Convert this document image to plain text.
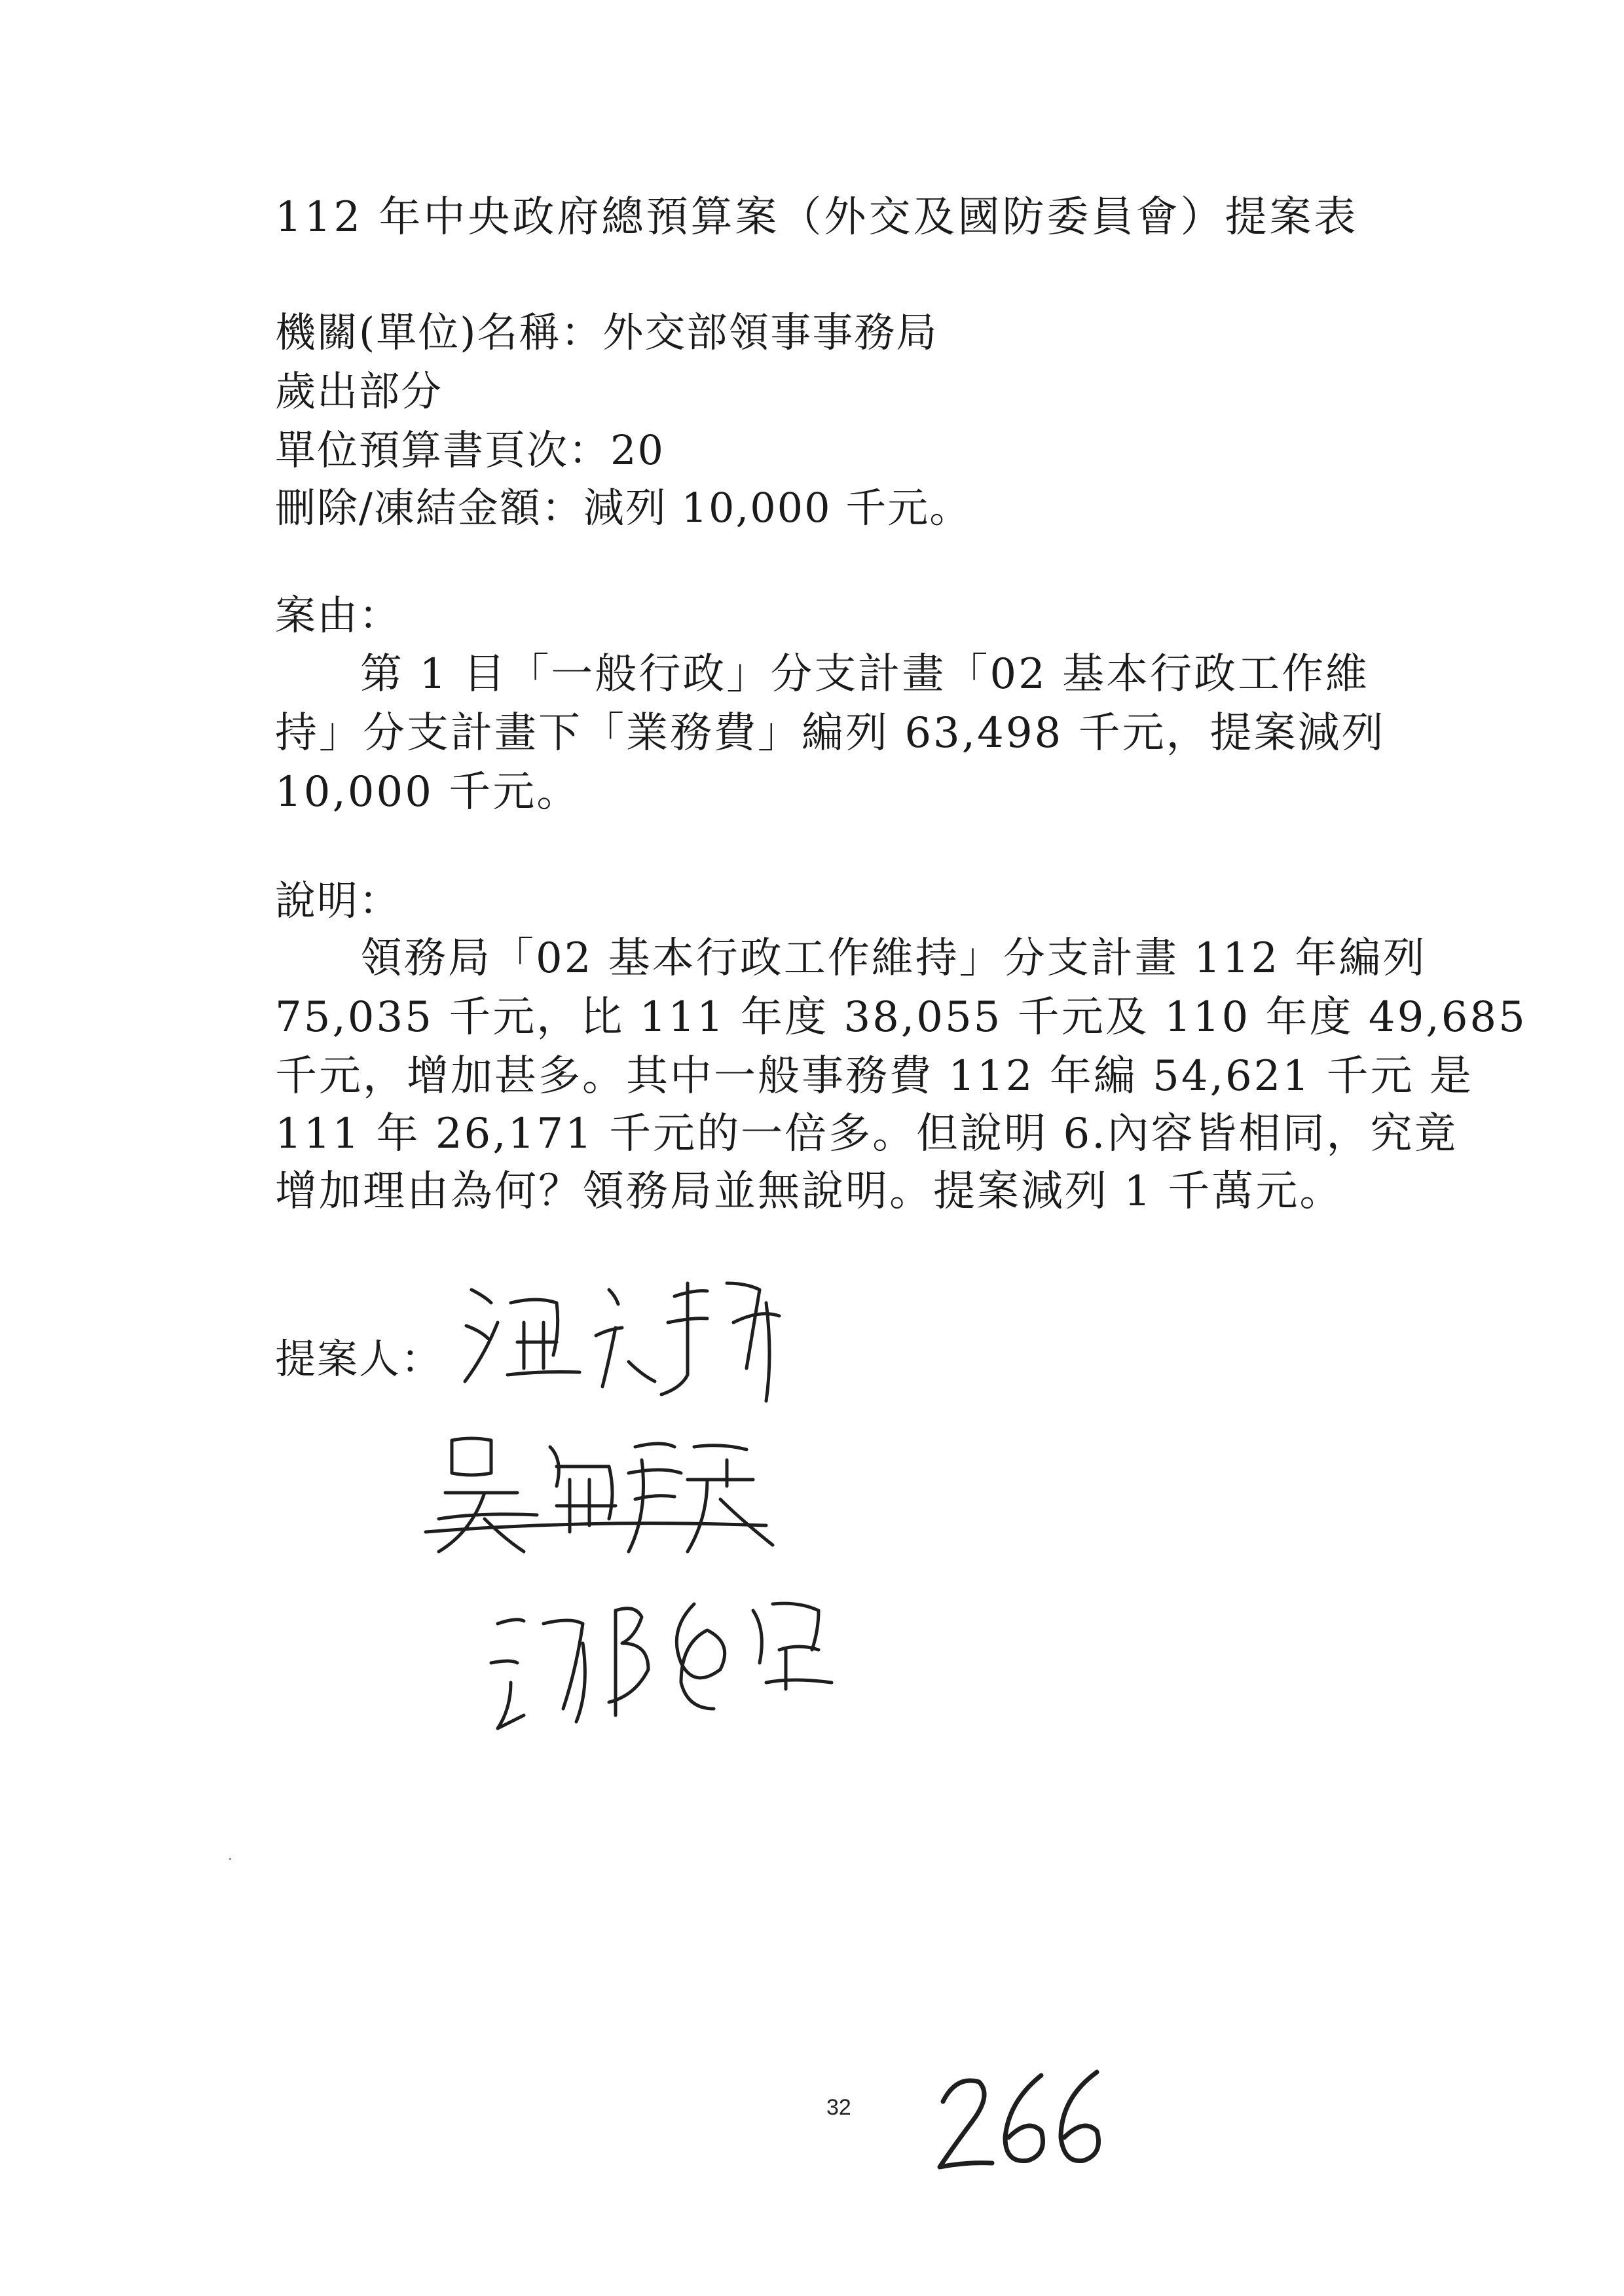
112 年中央政府總預算案（外交及國防委員會）提案表
機關(單位)名稱：外交部領事事務局
歲出部分
單位預算書頁次：20
刪除/凍結金額：減列 10,000 千元。
案由：
第 1 目「一般行政」分支計畫「02 基本行政工作維
持」分支計畫下「業務費」編列 63,498 千元，提案減列
10,000 千元。
說明：
領務局「02 基本行政工作維持」分支計畫 112 年編列
75,035 千元，比 111 年度 38,055 千元及 110 年度 49,685
千元，增加甚多。其中一般事務費 112 年編 54,621 千元 是
111 年 26,171 千元的一倍多。但說明 6.內容皆相同，究竟
增加理由為何？領務局並無說明。提案減列 1 千萬元。
提案人：
32
